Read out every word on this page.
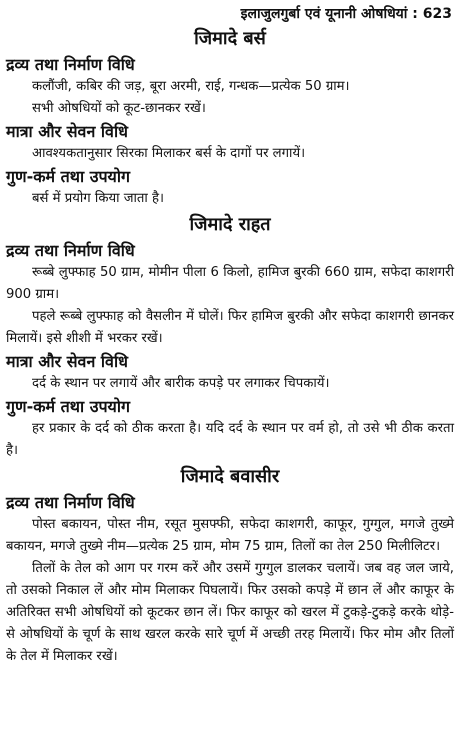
इलाजुलगुर्बा एवं यूनानी ओषधियां : 623
जिमादे बर्स
द्रव्य तथा निर्माण विधि

कलौंजी, कबिर की जड़, बूरा अरमी, राई, गन्धक—प्रत्येक 50 ग्राम।

सभी ओषधियों को कूट-छानकर रखें।

मात्रा और सेवन विधि

आवश्यकतानुसार सिरका मिलाकर बर्स के दागों पर लगायें।

गुण-कर्म तथा उपयोग

बर्स में प्रयोग किया जाता है।

जिमादे राहत
द्रव्य तथा निर्माण विधि

रूब्बे लुफ्फाह 50 ग्राम, मोमीन पीला 6 किलो, हामिज बुरकी 660 ग्राम, सफेदा काशगरी 900 ग्राम।

पहले रूब्बे लुफ्फाह को वैसलीन में घोलें। फिर हामिज बुरकी और सफेदा काशगरी छानकर मिलायें। इसे शीशी में भरकर रखें।

मात्रा और सेवन विधि

दर्द के स्थान पर लगायें और बारीक कपड़े पर लगाकर चिपकायें।

गुण-कर्म तथा उपयोग

हर प्रकार के दर्द को ठीक करता है। यदि दर्द के स्थान पर वर्म हो, तो उसे भी ठीक करता है।

जिमादे बवासीर
द्रव्य तथा निर्माण विधि

पोस्त बकायन, पोस्त नीम, रसूत मुसफ्फी, सफेदा काशगरी, काफूर, गुग्गुल, मगजे तुख्मे बकायन, मगजे तुख्मे नीम—प्रत्येक 25 ग्राम, मोम 75 ग्राम, तिलों का तेल 250 मिलीलिटर।

तिलों के तेल को आग पर गरम करें और उसमें गुग्गुल डालकर चलायें। जब वह जल जाये, तो उसको निकाल लें और मोम मिलाकर पिघलायें। फिर उसको कपड़े में छान लें और काफूर के अतिरिक्त सभी ओषधियों को कूटकर छान लें। फिर काफूर को खरल में टुकड़े-टुकड़े करके थोड़े-से ओषधियों के चूर्ण के साथ खरल करके सारे चूर्ण में अच्छी तरह मिलायें। फिर मोम और तिलों के तेल में मिलाकर रखें।
